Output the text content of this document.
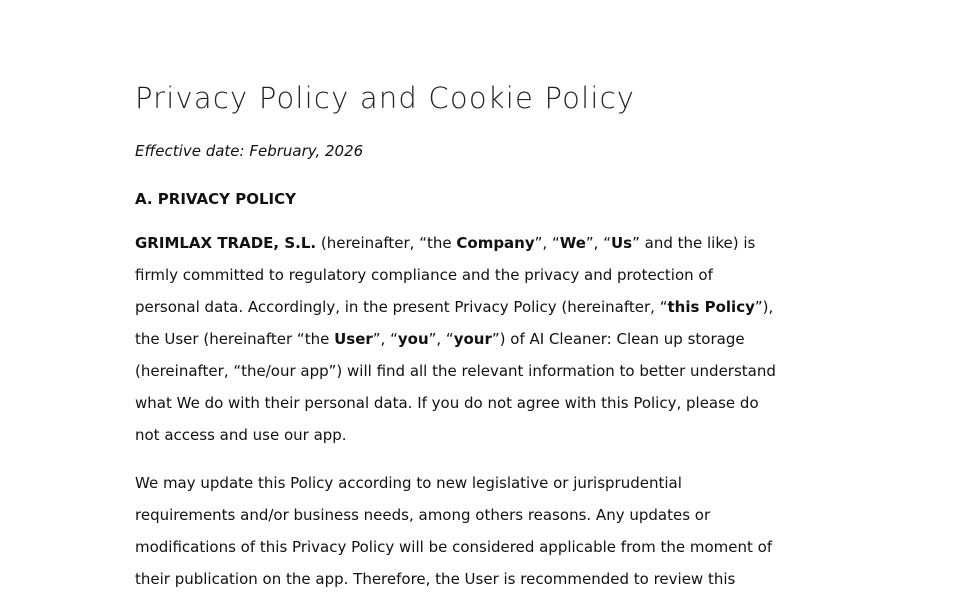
Privacy Policy and Cookie Policy

Effective date: February, 2026

A. PRIVACY POLICY

GRIMLAX TRADE, S.L. (hereinafter, “the Company”, “We”, “Us” and the like) is
firmly committed to regulatory compliance and the privacy and protection of
personal data. Accordingly, in the present Privacy Policy (hereinafter, “this Policy”),
the User (hereinafter “the User”, “you”, “your”) of AI Cleaner: Clean up storage
(hereinafter, “the/our app”) will find all the relevant information to better understand
what We do with their personal data. If you do not agree with this Policy, please do
not access and use our app.
We may update this Policy according to new legislative or jurisprudential
requirements and/or business needs, among others reasons. Any updates or
modifications of this Privacy Policy will be considered applicable from the moment of
their publication on the app. Therefore, the User is recommended to review this
